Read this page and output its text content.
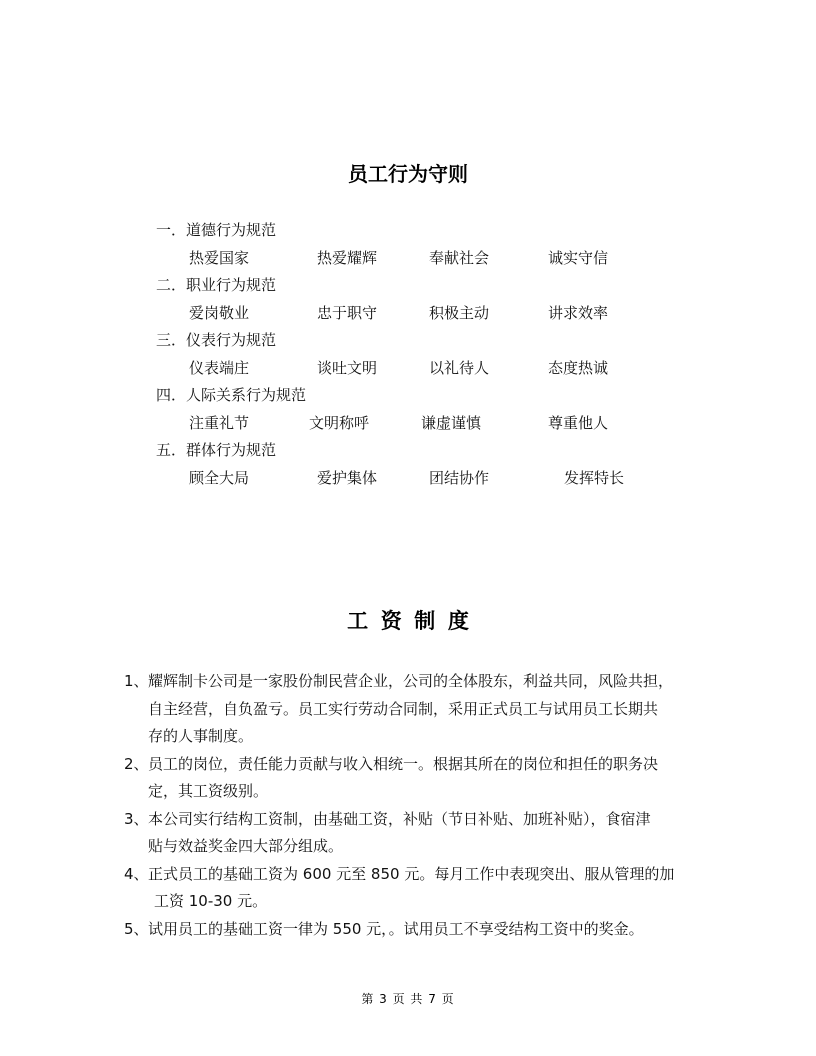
员工行为守则
一．道德行为规范
热爱国家	热爱耀辉	奉献社会	诚实守信
二．职业行为规范
爱岗敬业	忠于职守	积极主动	讲求效率
三．仪表行为规范
仪表端庄	谈吐文明	以礼待人	态度热诚
四．人际关系行为规范
注重礼节	文明称呼	谦虚谨慎	尊重他人
五．群体行为规范
顾全大局	爱护集体	团结协作	发挥特长
工资制度
1、 耀辉制卡公司是一家股份制民营企业，公司的全体股东，利益共同，风险共担，
自主经营，自负盈亏。员工实行劳动合同制，采用正式员工与试用员工长期共
存的人事制度。
2、 员工的岗位，责任能力贡献与收入相统一。根据其所在的岗位和担任的职务决
定，其工资级别。
3、 本公司实行结构工资制，由基础工资，补贴（节日补贴、加班补贴），食宿津
贴与效益奖金四大部分组成。
4、 正式员工的基础工资为 600 元至 850 元。每月工作中表现突出、服从管理的加
工资 10-30 元。
5、 试用员工的基础工资一律为 550 元，。试用员工不享受结构工资中的奖金。
第 3 页 共 7 页
